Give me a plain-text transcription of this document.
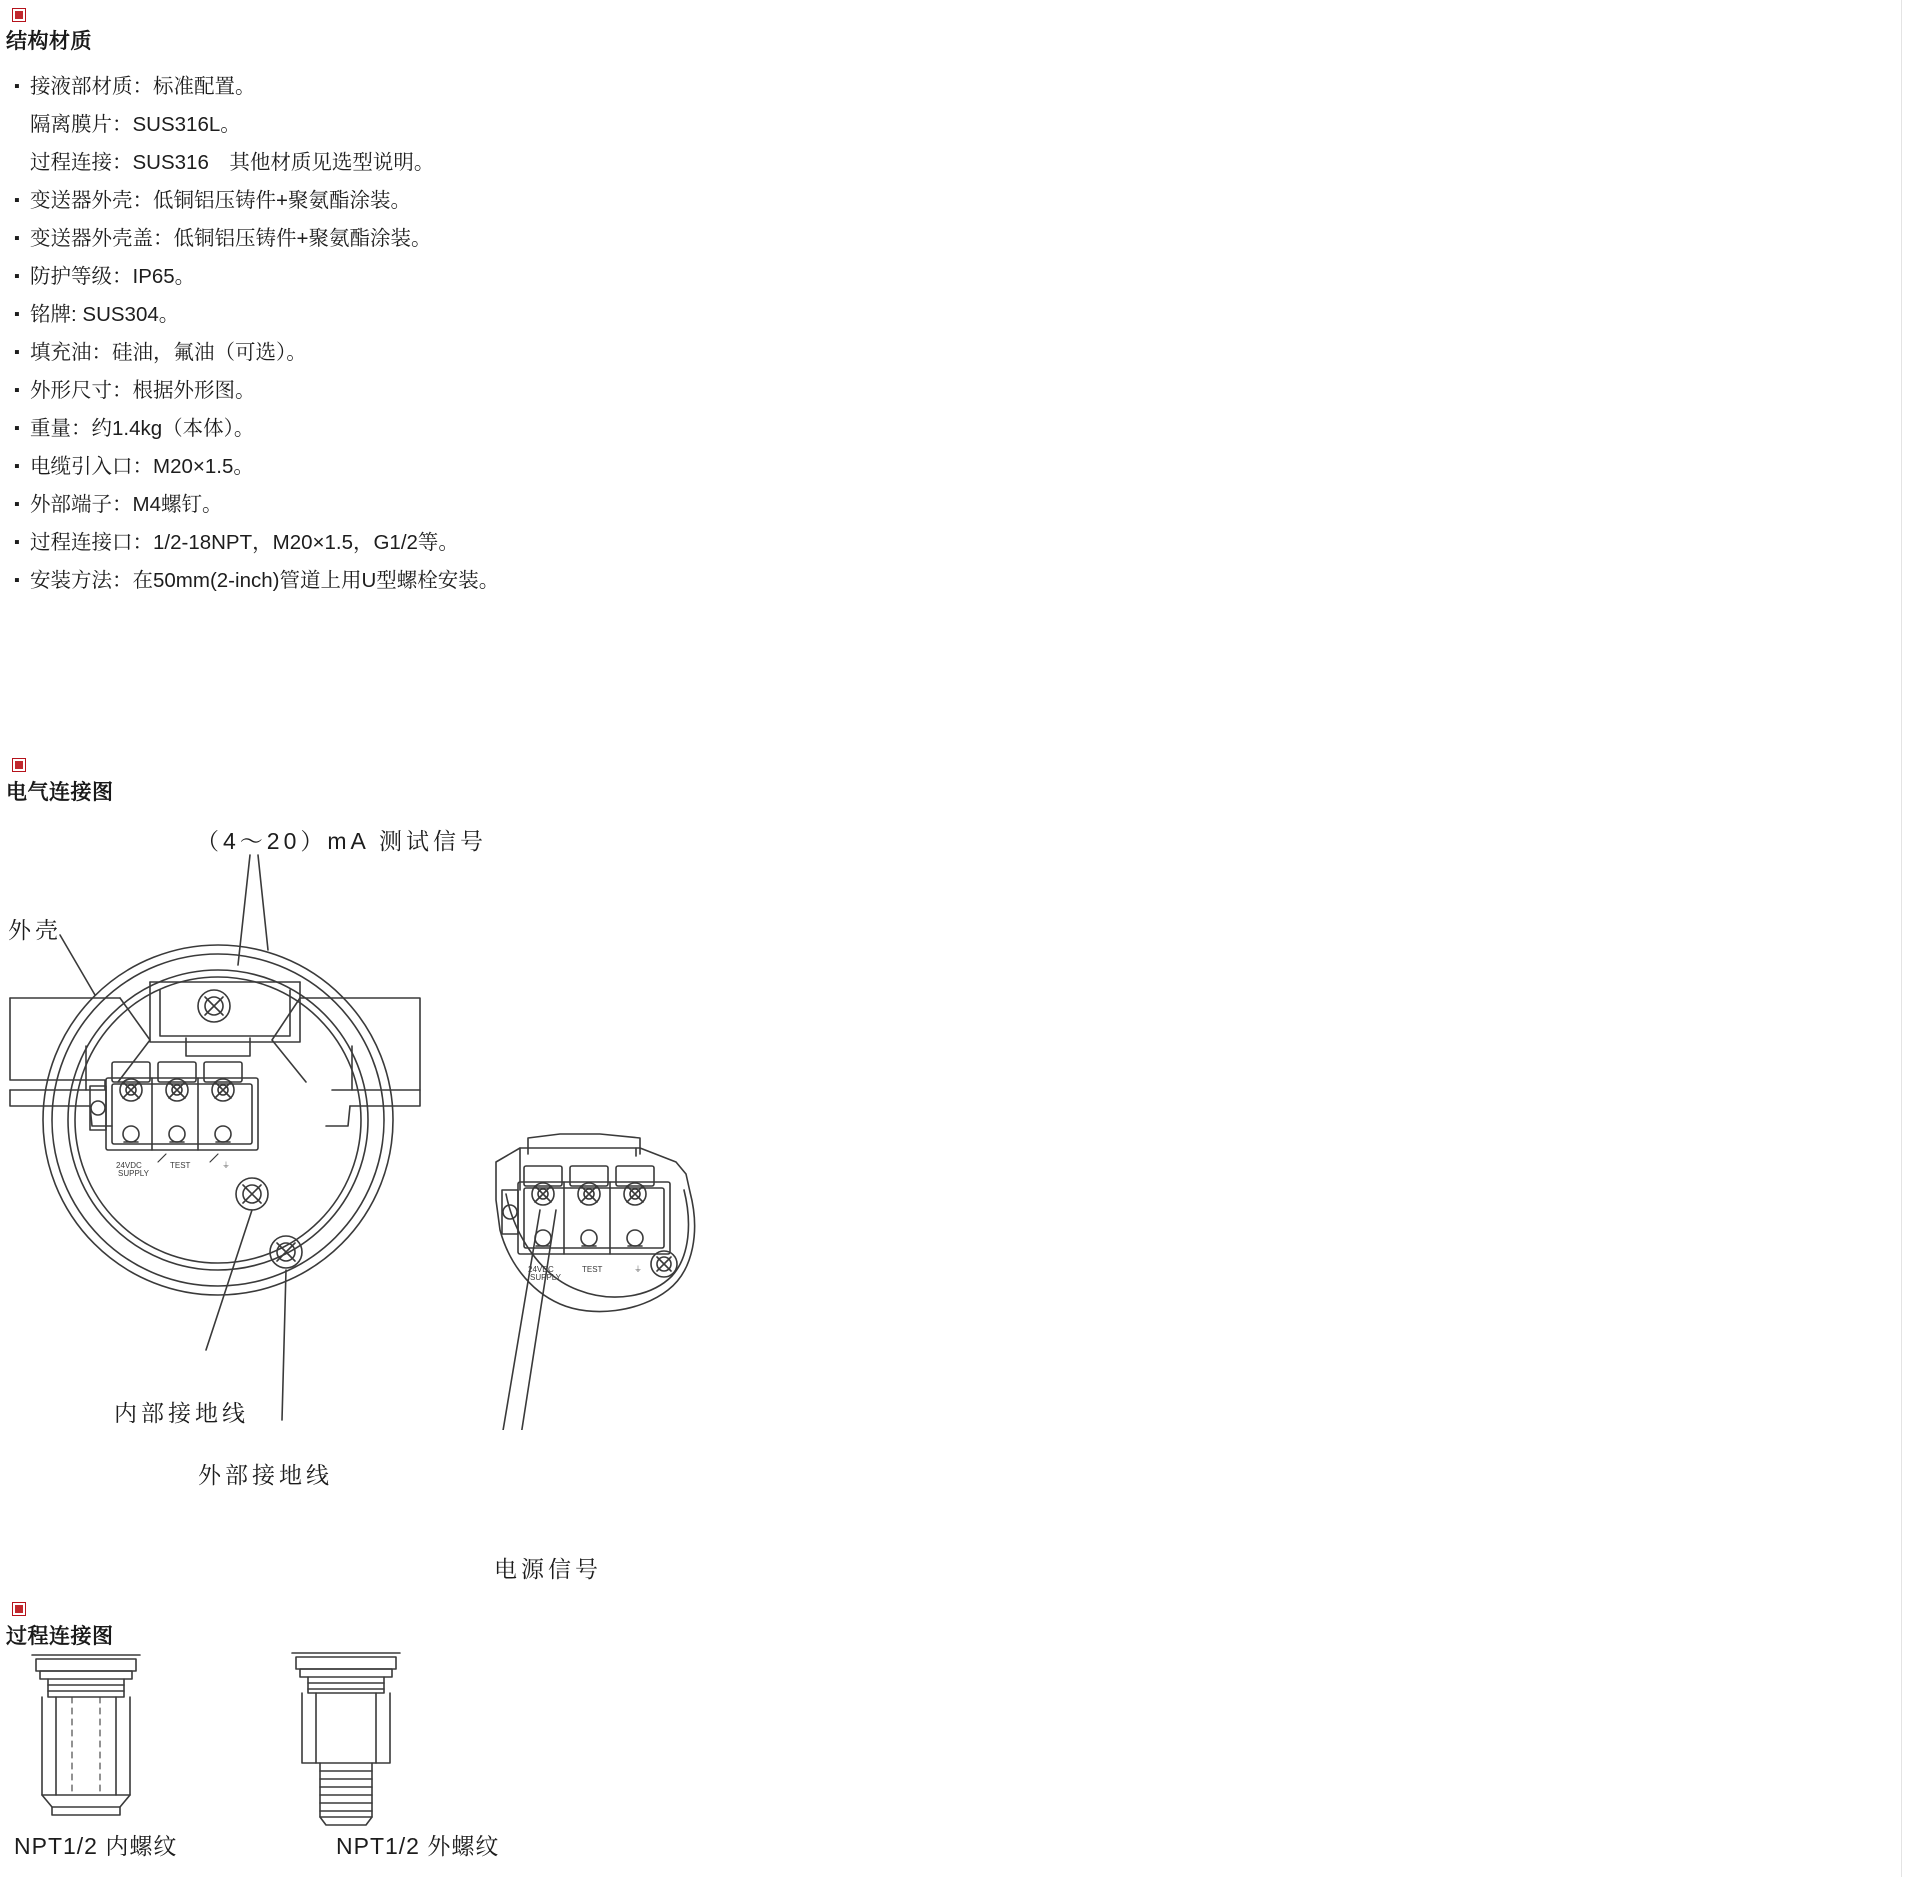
结构材质
▪ 接液部材质：标准配置。
隔离膜片：SUS316L。
过程连接：SUS316　其他材质见选型说明。
▪ 变送器外壳：低铜铝压铸件+聚氨酯涂装。
▪ 变送器外壳盖：低铜铝压铸件+聚氨酯涂装。
▪ 防护等级：IP65。
▪ 铭牌: SUS304。
▪ 填充油：硅油，氟油（可选）。
▪ 外形尺寸：根据外形图。
▪ 重量：约1.4kg（本体）。
▪ 电缆引入口：M20×1.5。
▪ 外部端子：M4螺钉。
▪ 过程连接口：1/2-18NPT，M20×1.5，G1/2等。
▪ 安装方法：在50mm(2-inch)管道上用U型螺栓安装。
电气连接图
（4～20）mA 测试信号
外壳
内部接地线
外部接地线
电源信号
24VDC
SUPPLY
TEST	⏚
24VDC
SUPPLY
TEST	⏚
过程连接图
NPT1/2 内螺纹	NPT1/2 外螺纹
